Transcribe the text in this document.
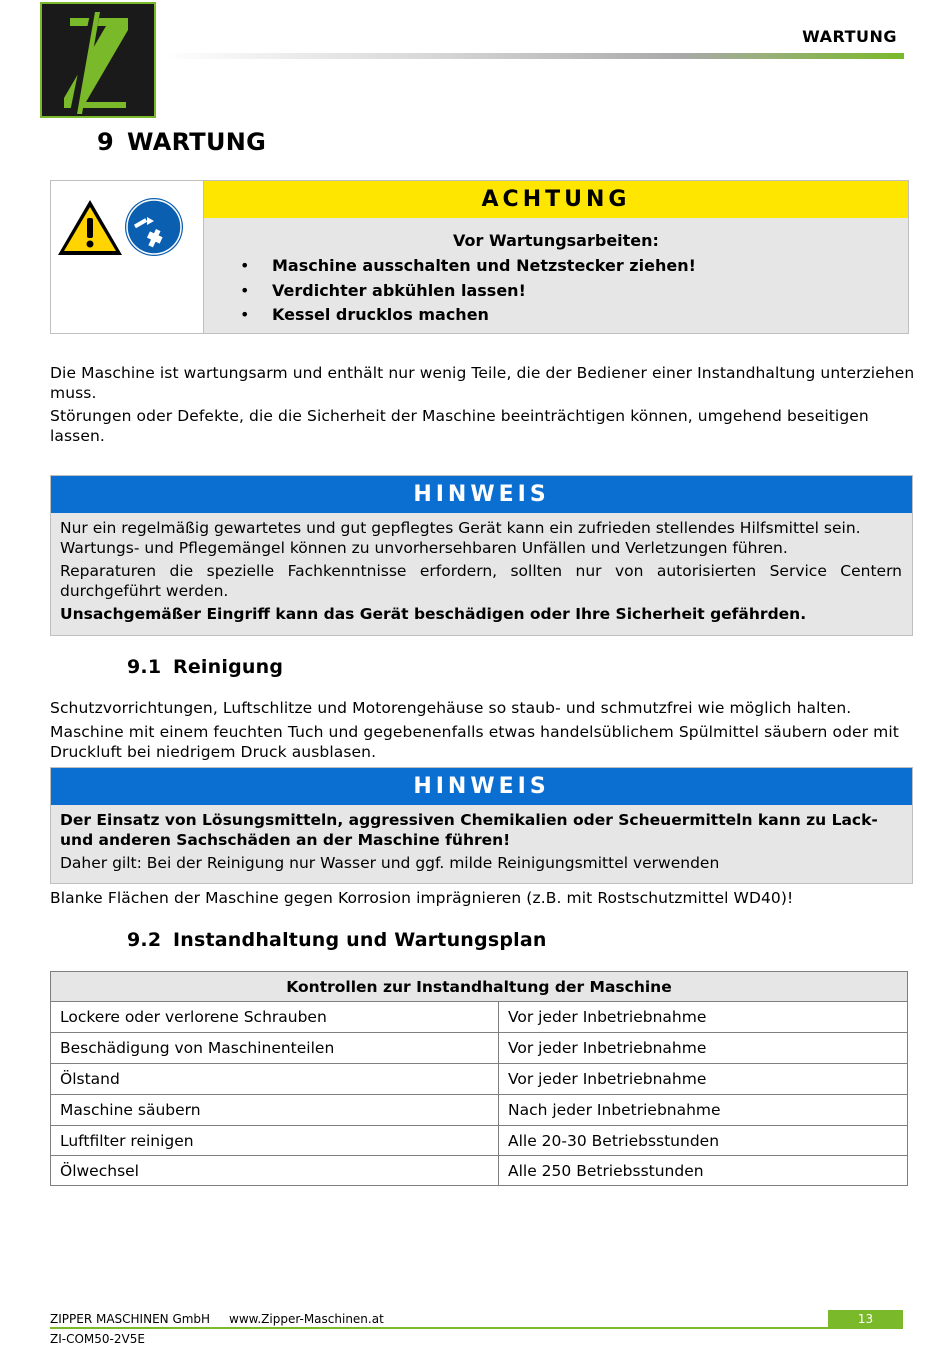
WARTUNG
9 WARTUNG
ACHTUNG
Vor Wartungsarbeiten:
• Maschine ausschalten und Netzstecker ziehen!
• Verdichter abkühlen lassen!
• Kessel drucklos machen

Die Maschine ist wartungsarm und enthält nur wenig Teile, die der Bediener einer Instandhaltung unterziehen muss.

Störungen oder Defekte, die die Sicherheit der Maschine beeinträchtigen können, umgehend beseitigen lassen.

HINWEIS

Nur ein regelmäßig gewartetes und gut gepflegtes Gerät kann ein zufrieden stellendes Hilfsmittel sein. Wartungs- und Pflegemängel können zu unvorhersehbaren Unfällen und Verletzungen führen.

Reparaturen die spezielle Fachkenntnisse erfordern, sollten nur von autorisierten Service Centern durchgeführt werden.

Unsachgemäßer Eingriff kann das Gerät beschädigen oder Ihre Sicherheit gefährden.

9.1 Reinigung

Schutzvorrichtungen, Luftschlitze und Motorengehäuse so staub- und schmutzfrei wie möglich halten.

Maschine mit einem feuchten Tuch und gegebenenfalls etwas handelsüblichem Spülmittel säubern oder mit Druckluft bei niedrigem Druck ausblasen.

HINWEIS

Der Einsatz von Lösungsmitteln, aggressiven Chemikalien oder Scheuermitteln kann zu Lack- und anderen Sachschäden an der Maschine führen!

Daher gilt: Bei der Reinigung nur Wasser und ggf. milde Reinigungsmittel verwenden

Blanke Flächen der Maschine gegen Korrosion imprägnieren (z.B. mit Rostschutzmittel WD40)!

9.2 Instandhaltung und Wartungsplan
Kontrollen zur Instandhaltung der Maschine	
Lockere oder verlorene Schrauben	Vor jeder Inbetriebnahme
Beschädigung von Maschinenteilen	Vor jeder Inbetriebnahme
Ölstand	Vor jeder Inbetriebnahme
Maschine säubern	Nach jeder Inbetriebnahme
Luftfilter reinigen	Alle 20-30 Betriebsstunden
Ölwechsel	Alle 250 Betriebsstunden
ZIPPER MASCHINEN GmbH www.Zipper-Maschinen.at	13
ZI-COM50-2V5E
